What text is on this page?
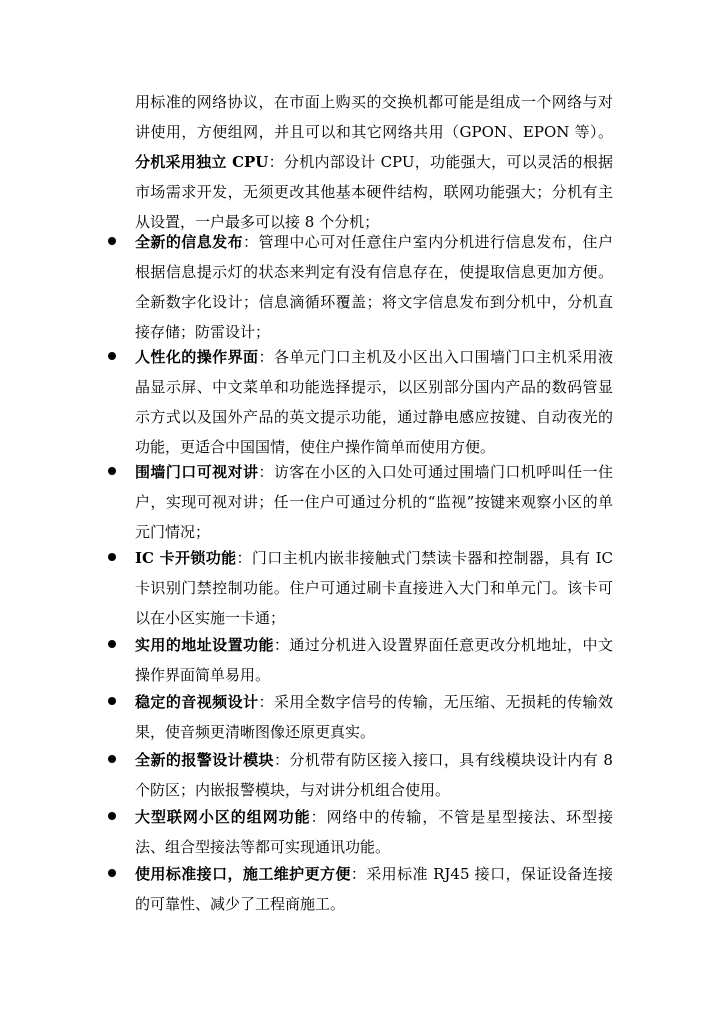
用标准的网络协议，在市面上购买的交换机都可能是组成一个网络与对讲使用，方便组网，并且可以和其它网络共用（GPON、EPON 等）。分机采用独立 CPU：分机内部设计 CPU，功能强大，可以灵活的根据市场需求开发，无须更改其他基本硬件结构，联网功能强大；分机有主从设置，一户最多可以接 8 个分机；
全新的信息发布：管理中心可对任意住户室内分机进行信息发布，住户根据信息提示灯的状态来判定有没有信息存在，使提取信息更加方便。全新数字化设计；信息滴循环覆盖；将文字信息发布到分机中，分机直接存储；防雷设计；
人性化的操作界面：各单元门口主机及小区出入口围墙门口主机采用液晶显示屏、中文菜单和功能选择提示，以区别部分国内产品的数码管显示方式以及国外产品的英文提示功能，通过静电感应按键、自动夜光的功能，更适合中国国情，使住户操作简单而使用方便。
围墙门口可视对讲：访客在小区的入口处可通过围墙门口机呼叫任一住户，实现可视对讲；任一住户可通过分机的“监视”按键来观察小区的单元门情况；
IC 卡开锁功能：门口主机内嵌非接触式门禁读卡器和控制器，具有 IC 卡识别门禁控制功能。住户可通过刷卡直接进入大门和单元门。该卡可以在小区实施一卡通；
实用的地址设置功能：通过分机进入设置界面任意更改分机地址，中文操作界面简单易用。
稳定的音视频设计：采用全数字信号的传输，无压缩、无损耗的传输效果，使音频更清晰图像还原更真实。
全新的报警设计模块：分机带有防区接入接口，具有线模块设计内有 8 个防区；内嵌报警模块，与对讲分机组合使用。
大型联网小区的组网功能：网络中的传输，不管是星型接法、环型接法、组合型接法等都可实现通讯功能。
使用标准接口，施工维护更方便：采用标准 RJ45 接口，保证设备连接的可靠性、减少了工程商施工。
